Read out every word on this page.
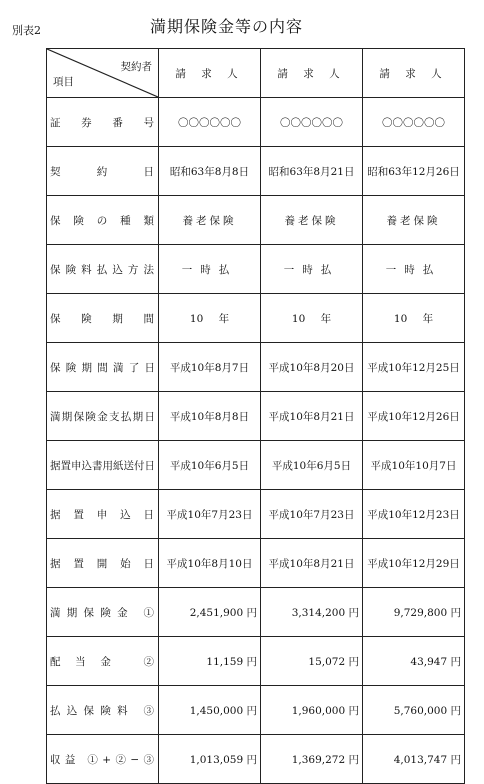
別表2	満期保険金等の内容
項目
契約者	請 求 人	請 求 人	請 求 人
証券番号	〇〇〇〇〇〇	〇〇〇〇〇〇	〇〇〇〇〇〇
契約日	昭和63年8月8日	昭和63年8月21日	昭和63年12月26日
保険の種類	養老保険	養老保険	養老保険
保険料払込方法	一時払	一時払	一時払
保険期間	10 年	10 年	10 年
保険期間満了日	平成10年8月7日	平成10年8月20日	平成10年12月25日
満期保険金支払期日	平成10年8月8日	平成10年8月21日	平成10年12月26日
据置申込書用紙送付日	平成10年6月5日	平成10年6月5日	平成10年10月7日
据置申込日	平成10年7月23日	平成10年7月23日	平成10年12月23日
据置開始日	平成10年8月10日	平成10年8月21日	平成10年12月29日
満期保険金 ①	2,451,900 円	3,314,200 円	9,729,800 円
配当金 ②	11,159 円	15,072 円	43,947 円
払込保険料 ③	1,450,000 円	1,960,000 円	5,760,000 円
収益 ①+②−③	1,013,059 円	1,369,272 円	4,013,747 円
